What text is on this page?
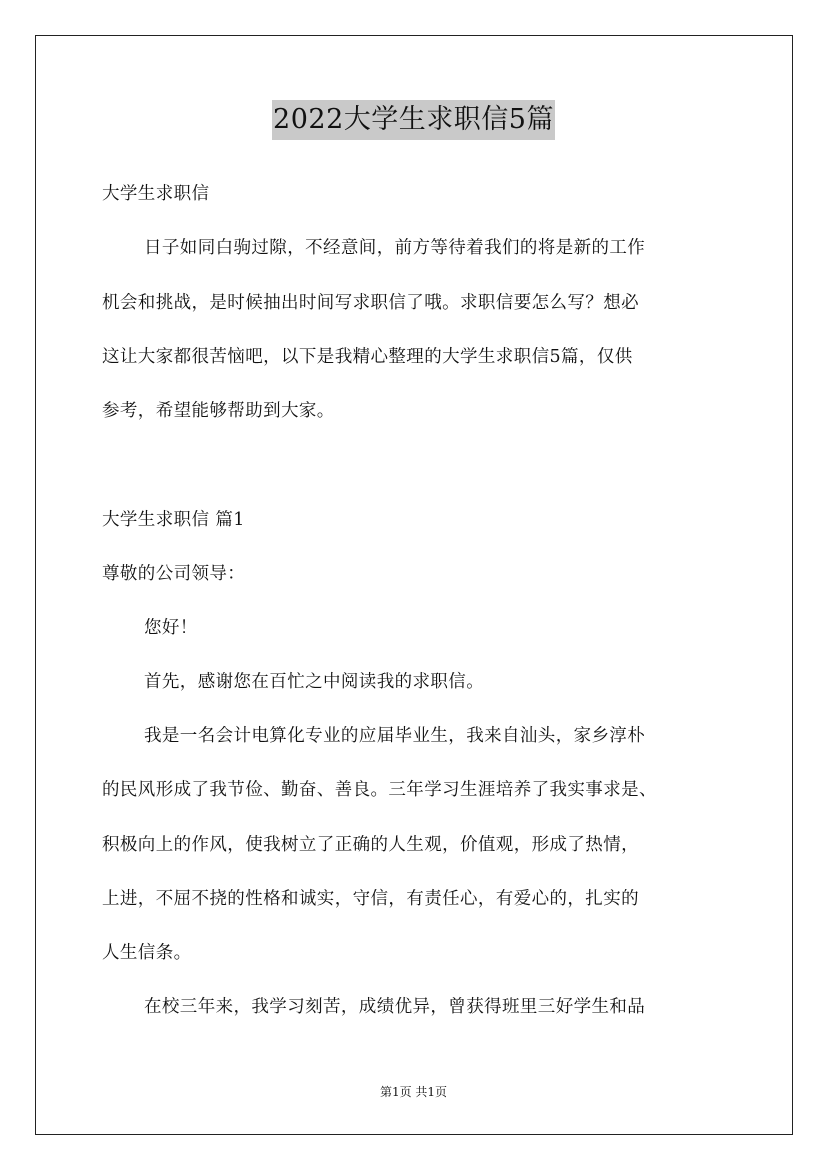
2022大学生求职信5篇
大学生求职信
日子如同白驹过隙，不经意间，前方等待着我们的将是新的工作
机会和挑战，是时候抽出时间写求职信了哦。求职信要怎么写？想必
这让大家都很苦恼吧，以下是我精心整理的大学生求职信5篇，仅供
参考，希望能够帮助到大家。
大学生求职信 篇1
尊敬的公司领导：
您好！
首先，感谢您在百忙之中阅读我的求职信。
我是一名会计电算化专业的应届毕业生，我来自汕头，家乡淳朴
的民风形成了我节俭、勤奋、善良。三年学习生涯培养了我实事求是、
积极向上的作风，使我树立了正确的人生观，价值观，形成了热情，
上进，不屈不挠的性格和诚实，守信，有责任心，有爱心的，扎实的
人生信条。
在校三年来，我学习刻苦，成绩优异，曾获得班里三好学生和品
第1页 共1页
